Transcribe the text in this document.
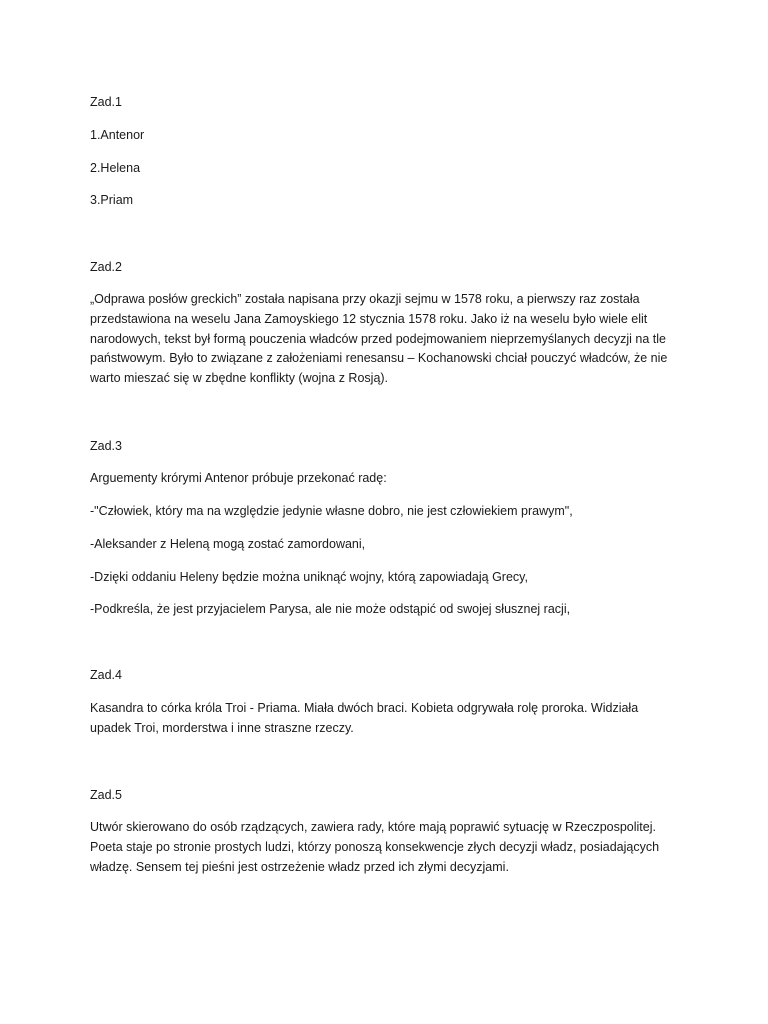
Zad.1

1.Antenor

2.Helena

3.Priam

Zad.2

„Odprawa posłów greckich” została napisana przy okazji sejmu w 1578 roku, a pierwszy raz została przedstawiona na weselu Jana Zamoyskiego 12 stycznia 1578 roku. Jako iż na weselu było wiele elit narodowych, tekst był formą pouczenia władców przed podejmowaniem nieprzemyślanych decyzji na tle państwowym. Było to związane z założeniami renesansu – Kochanowski chciał pouczyć władców, że nie warto mieszać się w zbędne konflikty (wojna z Rosją).

Zad.3

Arguementy krórymi Antenor próbuje przekonać radę:

-"Człowiek, który ma na względzie jedynie własne dobro, nie jest człowiekiem prawym",

-Aleksander z Heleną mogą zostać zamordowani,

-Dzięki oddaniu Heleny będzie można uniknąć wojny, którą zapowiadają Grecy,

-Podkreśla, że jest przyjacielem Parysa, ale nie może odstąpić od swojej słusznej racji,

Zad.4

Kasandra to córka króla Troi - Priama. Miała dwóch braci. Kobieta odgrywała rolę proroka. Widziała upadek Troi, morderstwa i inne straszne rzeczy.

Zad.5

Utwór skierowano do osób rządzących, zawiera rady, które mają poprawić sytuację w Rzeczpospolitej. Poeta staje po stronie prostych ludzi, którzy ponoszą konsekwencje złych decyzji władz, posiadających władzę. Sensem tej pieśni jest ostrzeżenie władz przed ich złymi decyzjami.
